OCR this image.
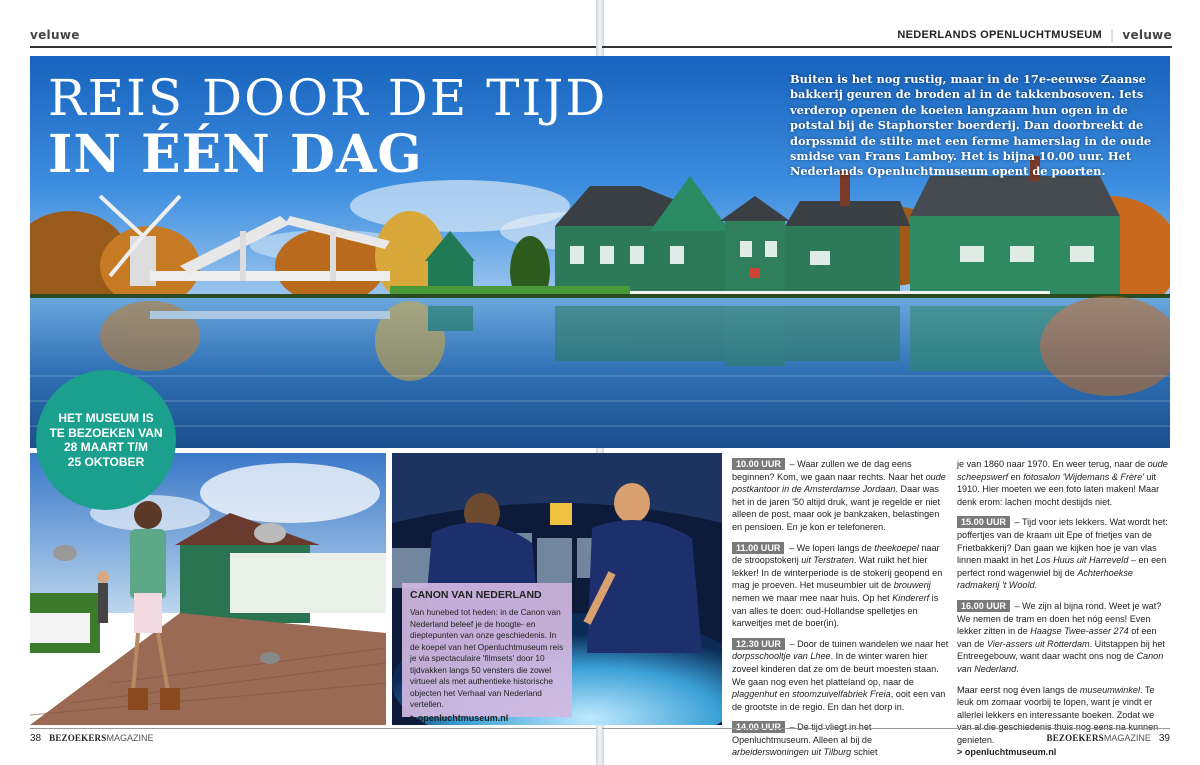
veluwe	NEDERLANDS OPENLUCHTMUSEUM | veluwe
REIS DOOR DE TIJD
IN ÉÉN DAG

Buiten is het nog rustig, maar in de 17e-eeuwse Zaanse bakkerij geuren de broden al in de takkenbosoven. Iets verderop openen de koeien langzaam hun ogen in de potstal bij de Staphorster boerderij. Dan doorbreekt de dorpssmid de stilte met een ferme hamerslag in de oude smidse van Frans Lamboy. Het is bijna 10.00 uur. Het Nederlands Openluchtmuseum opent de poorten.

HET MUSEUM IS
TE BEZOEKEN VAN
28 MAART T/M
25 OKTOBER
CANON VAN NEDERLAND

Van hunebed tot heden: in de Canon van Nederland beleef je de hoogte- en dieptepunten van onze geschiedenis. In de koepel van het Openluchtmuseum reis je via spectaculaire 'filmsets' door 10 tijdvakken langs 50 vensters die zowel virtueel als met authentieke historische objecten het Verhaal van Nederland vertellen.

> openluchtmuseum.nl

10.00 UUR – Waar zullen we de dag eens beginnen? Kom, we gaan naar rechts. Naar het oude postkantoor in de Amsterdamse Jordaan. Daar was het in de jaren '50 altijd druk, want je regelde er niet alleen de post, maar ook je bankzaken, belastingen en pensioen. En je kon er telefoneren.

11.00 UUR – We lopen langs de theekoepel naar de stroopstokerij uit Terstraten. Wat ruikt het hier lekker! In de winterperiode is de stokerij geopend en mag je proeven. Het museumbier uit de brouwerij nemen we maar mee naar huis. Op het Kindererf is van alles te doen: oud-Hollandse spelletjes en karweitjes met de boer(in).

12.30 UUR – Door de tuinen wandelen we naar het dorpsschooltje van Lhee. In de winter waren hier zoveel kinderen dat ze om de beurt moesten staan. We gaan nog even het platteland op, naar de plaggenhut en stoomzuivelfabriek Freia, ooit een van de grootste in de regio. En dan het dorp in.

Openluchtmuseum. Alleen al bij de arbeiderswoningen uit Tilburg schiet

je van 1860 naar 1970. En weer terug, naar de oude scheepswerf en fotosalon 'Wijdemans & Frère' uit 1910. Hier moeten we een foto laten maken! Maar denk erom: lachen mocht destijds niet.

15.00 UUR – Tijd voor iets lekkers. Wat wordt het: poffertjes van de kraam uit Epe of frietjes van de Frietbakkerij? Dan gaan we kijken hoe je van vlas linnen maakt in het Los Huus uit Harreveld – en een perfect rond wagenwiel bij de Achterhoekse radmakerij 't Woold.

16.00 UUR – We zijn al bijna rond. Weet je wat? We nemen de tram en doen het nóg eens! Even lekker zitten in de Haagse Twee-asser 274 of een van de Vier-assers uit Rotterdam. Uitstappen bij het Entreegebouw, want daar wacht ons nog de Canon van Nederland.

Maar eerst nog éven langs de museumwinkel. Te leuk om zomaar voorbij te lopen, want je vindt er allerlei lekkers en interessante boeken. Zodat we genieten.
> openluchtmuseum.nl

38 BEZOEKERSMAGAZINE	BEZOEKERSMAGAZINE 39
